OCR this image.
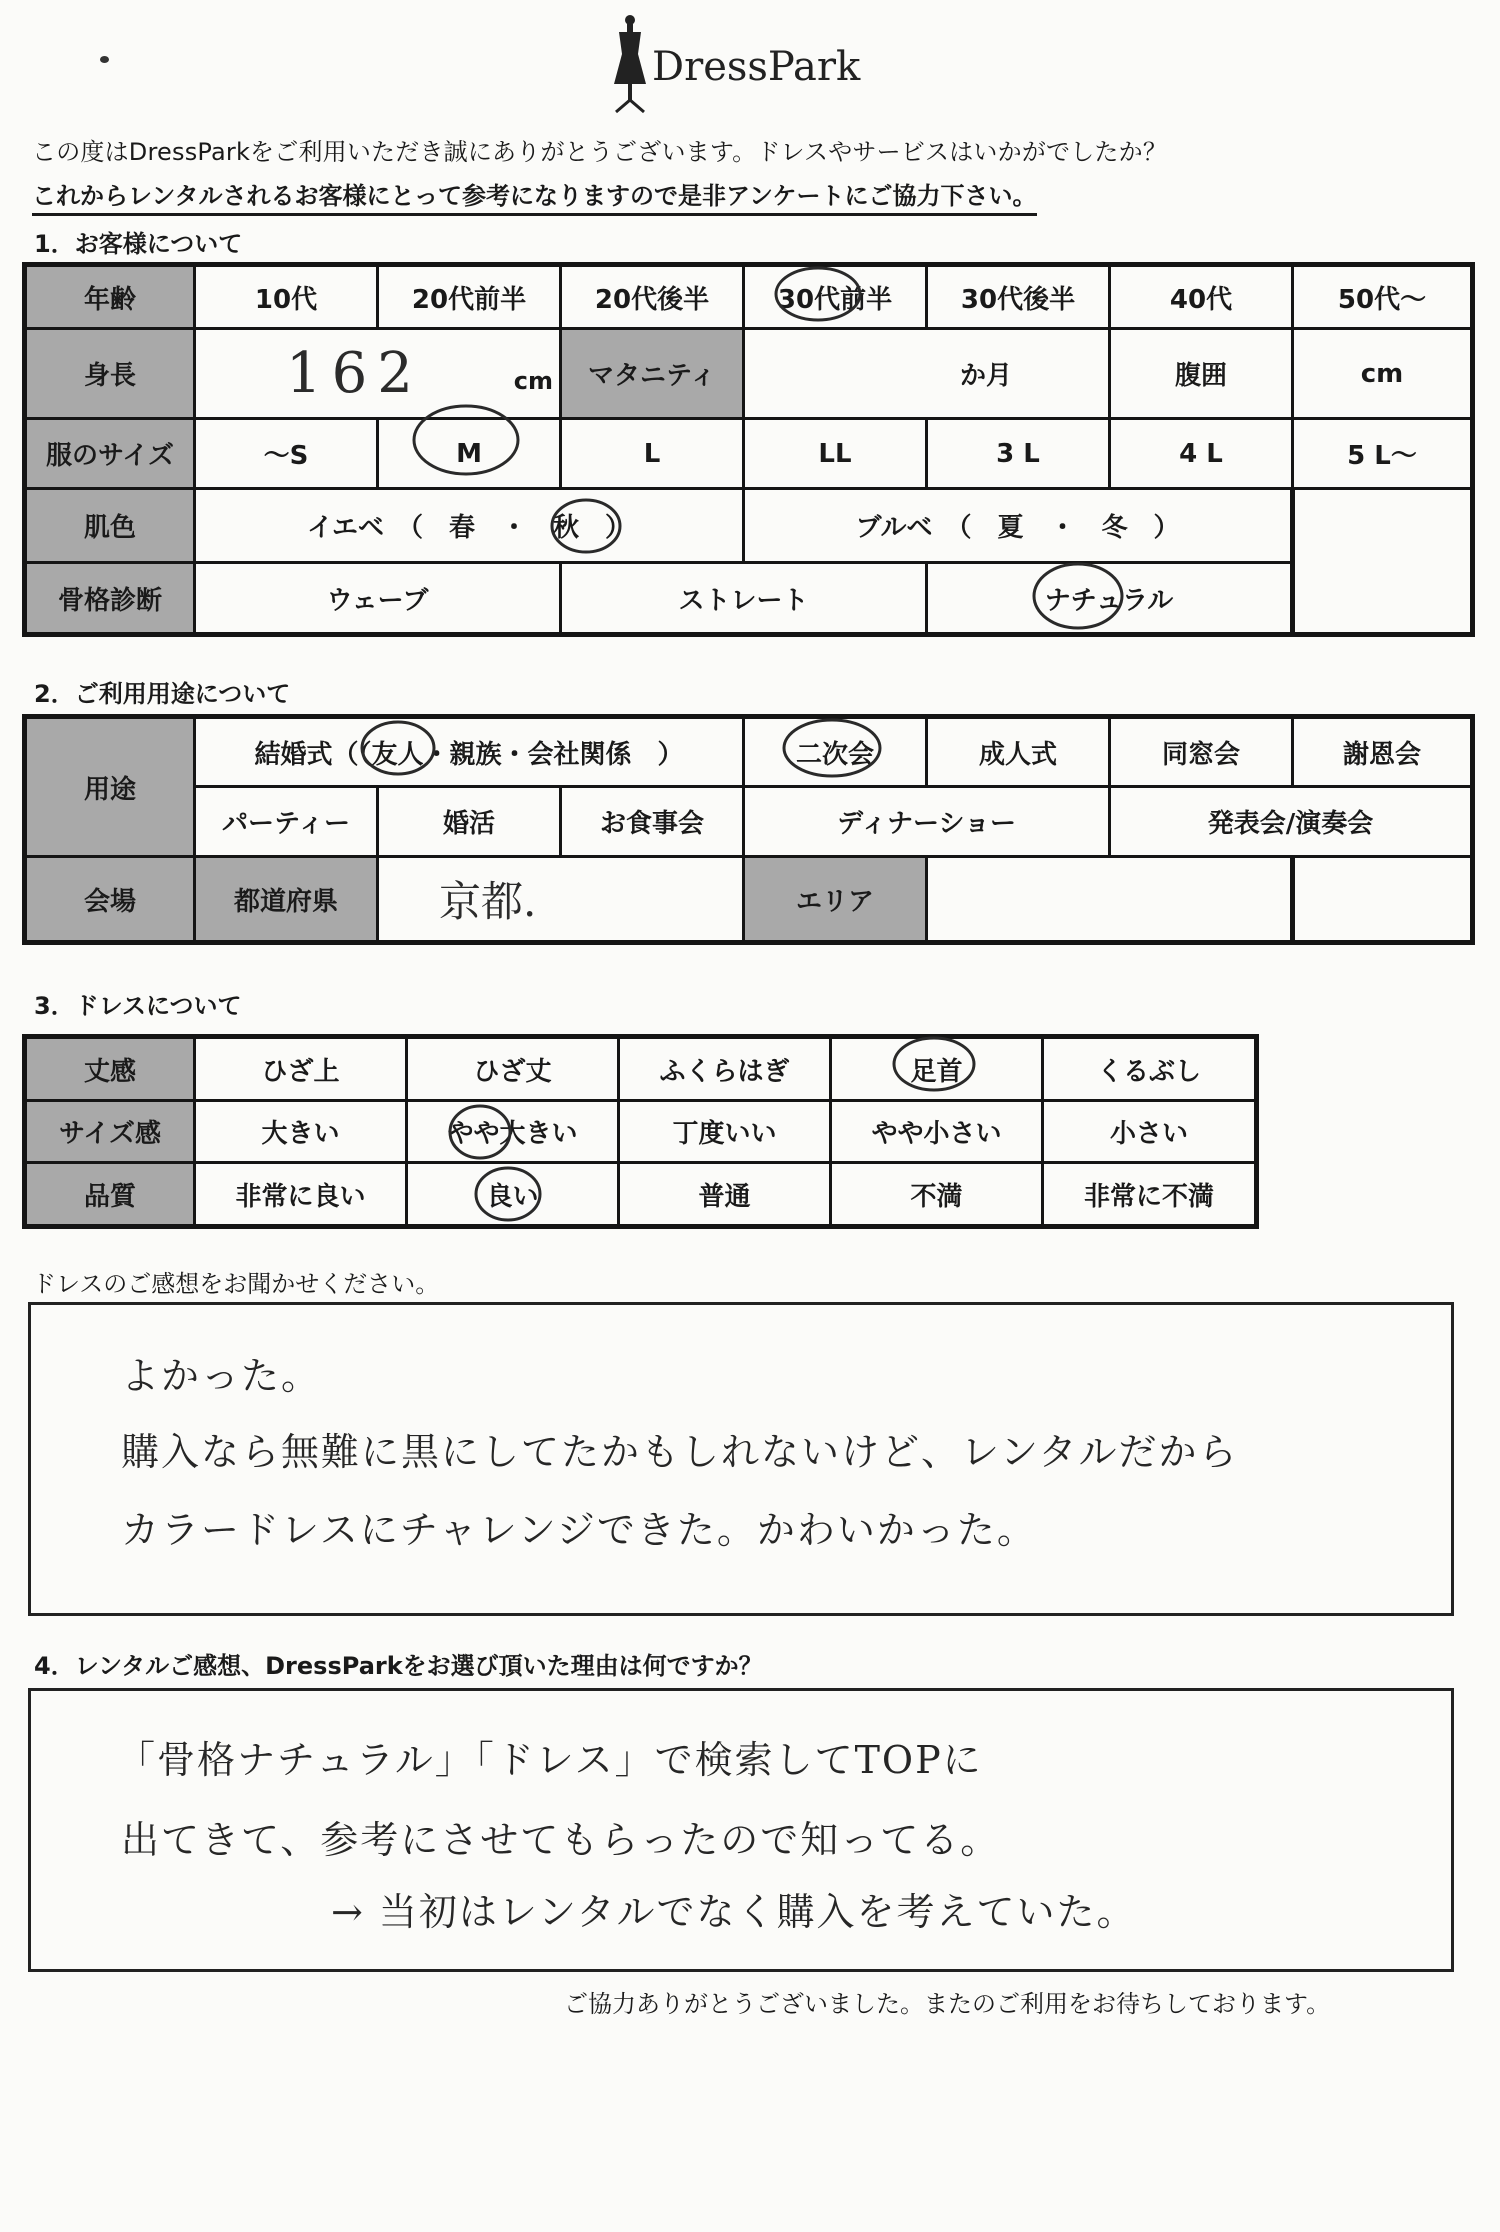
DressPark
この度はDressParkをご利用いただき誠にありがとうございます。ドレスやサービスはいかがでしたか？
これからレンタルされるお客様にとって参考になりますので是非アンケートにご協力下さい。
1．お客様について
年齢	10代	20代前半	20代後半	30代前半	30代後半	40代	50代～
身長	162 cm		マタニティ	か月		腹囲	cm
服のサイズ	～S	M	L	LL	3 L	4 L	5 L～
肌色	イエベ　（　春　・　秋　）			ブルベ　（　夏　・　冬　）			
骨格診断	ウェーブ		ストレート		ナチュラル		
2．ご利用用途について
用途	結婚式（（友人・親族・会社関係　）			二次会	成人式	同窓会	謝恩会
	パーティー	婚活	お食事会	ディナーショー		発表会/演奏会	
会場	都道府県	京都.		エリア			
3．ドレスについて
丈感	ひざ上	ひざ丈	ふくらはぎ	足首	くるぶし
サイズ感	大きい	やや大きい	丁度いい	やや小さい	小さい
品質	非常に良い	良い	普通	不満	非常に不満
ドレスのご感想をお聞かせください。
よかった。
購入なら無難に黒にしてたかもしれないけど、レンタルだから
カラードレスにチャレンジできた。かわいかった。
4．レンタルご感想、DressParkをお選び頂いた理由は何ですか？
「骨格ナチュラル」「ドレス」で検索してTOPに
出てきて、参考にさせてもらったので知ってる。
→ 当初はレンタルでなく購入を考えていた。
ご協力ありがとうございました。またのご利用をお待ちしております。
